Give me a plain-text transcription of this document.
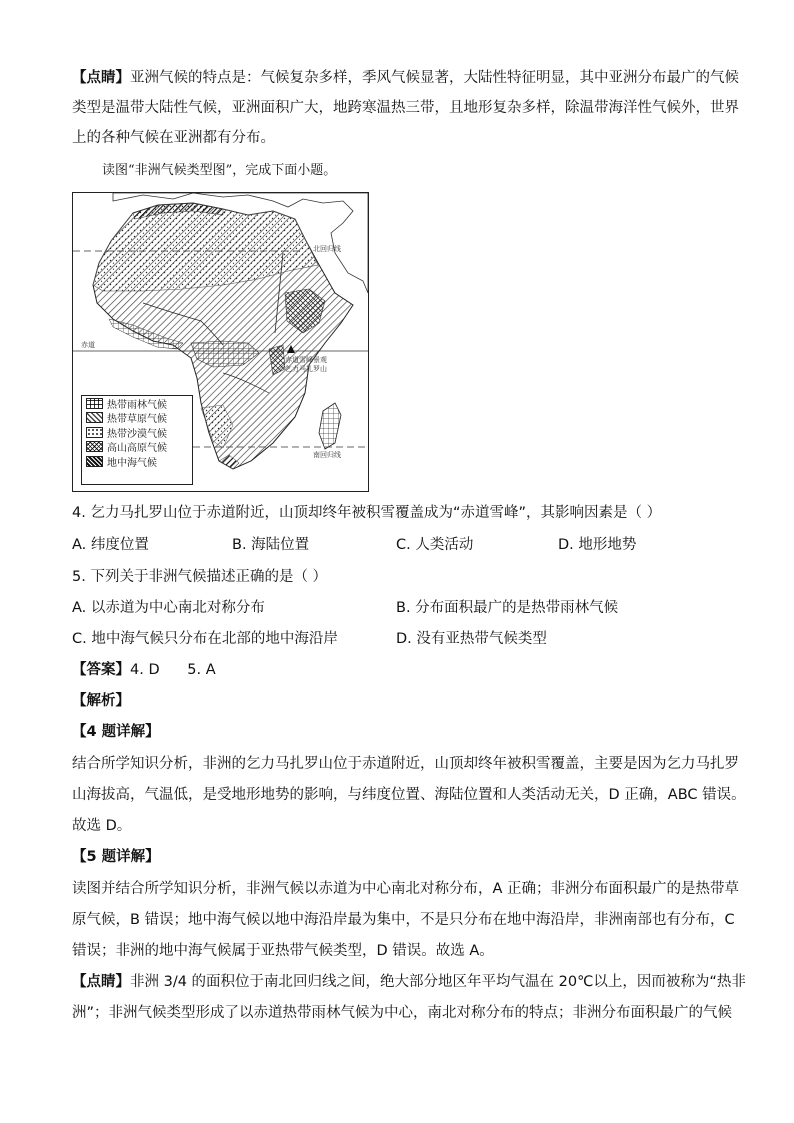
【点睛】亚洲气候的特点是：气候复杂多样，季风气候显著，大陆性特征明显，其中亚洲分布最广的气候
类型是温带大陆性气候，亚洲面积广大，地跨寒温热三带，且地形复杂多样，除温带海洋性气候外，世界
上的各种气候在亚洲都有分布。
读图“非洲气候类型图”，完成下面小题。
北回归线
赤道
南回归线
赤道雪峰景观
乞力马扎罗山
热带雨林气候
热带草原气候
热带沙漠气候
高山高原气候
地中海气候
4. 乞力马扎罗山位于赤道附近，山顶却终年被积雪覆盖成为“赤道雪峰”，其影响因素是（ ）
A. 纬度位置	B. 海陆位置	C. 人类活动	D. 地形地势
5. 下列关于非洲气候描述正确的是（ ）
A. 以赤道为中心南北对称分布	B. 分布面积最广的是热带雨林气候
C. 地中海气候只分布在北部的地中海沿岸	D. 没有亚热带气候类型
【答案】4. D      5. A
【解析】
【4 题详解】
结合所学知识分析，非洲的乞力马扎罗山位于赤道附近，山顶却终年被积雪覆盖，主要是因为乞力马扎罗
山海拔高，气温低，是受地形地势的影响，与纬度位置、海陆位置和人类活动无关，D 正确，ABC 错误。
故选 D。
【5 题详解】
读图并结合所学知识分析，非洲气候以赤道为中心南北对称分布，A 正确；非洲分布面积最广的是热带草
原气候，B 错误；地中海气候以地中海沿岸最为集中，不是只分布在地中海沿岸，非洲南部也有分布，C
错误；非洲的地中海气候属于亚热带气候类型，D 错误。故选 A。
【点睛】非洲 3/4 的面积位于南北回归线之间，绝大部分地区年平均气温在 20℃以上，因而被称为“热非
洲”；非洲气候类型形成了以赤道热带雨林气候为中心，南北对称分布的特点；非洲分布面积最广的气候
